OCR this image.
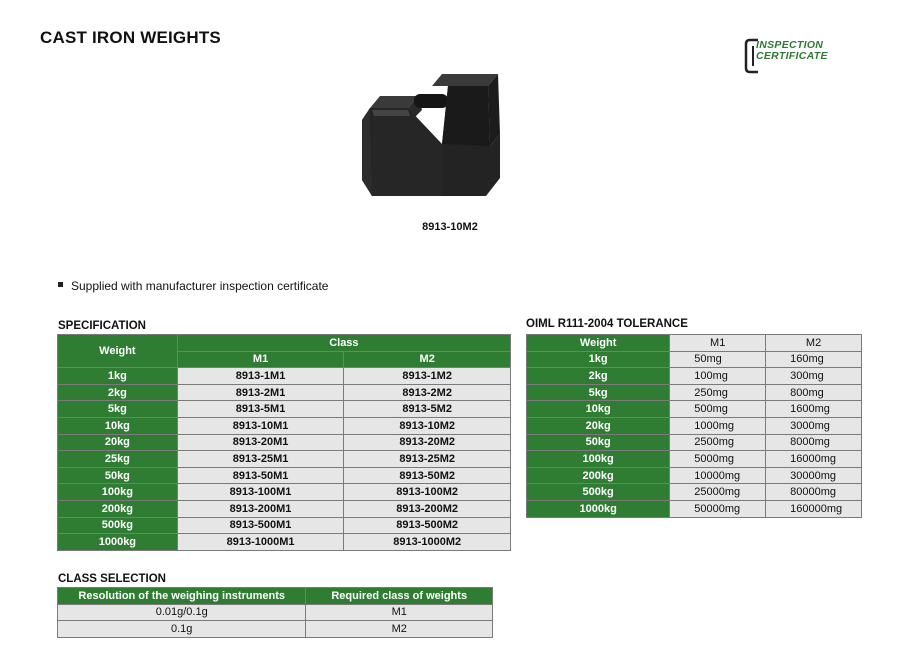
CAST IRON WEIGHTS	INSPECTION CERTIFICATE
8913-10M2
Supplied with manufacturer inspection certificate
SPECIFICATION
Weight	Class	
	M1	M2
1kg	8913-1M1	8913-1M2
2kg	8913-2M1	8913-2M2
5kg	8913-5M1	8913-5M2
10kg	8913-10M1	8913-10M2
20kg	8913-20M1	8913-20M2
25kg	8913-25M1	8913-25M2
50kg	8913-50M1	8913-50M2
100kg	8913-100M1	8913-100M2
200kg	8913-200M1	8913-200M2
500kg	8913-500M1	8913-500M2
1000kg	8913-1000M1	8913-1000M2
OIML R111-2004 TOLERANCE
Weight	M1	M2
1kg	50mg	160mg
2kg	100mg	300mg
5kg	250mg	800mg
10kg	500mg	1600mg
20kg	1000mg	3000mg
50kg	2500mg	8000mg
100kg	5000mg	16000mg
200kg	10000mg	30000mg
500kg	25000mg	80000mg
1000kg	50000mg	160000mg
CLASS SELECTION
Resolution of the weighing instruments	Required class of weights
0.01g/0.1g	M1
0.1g	M2
